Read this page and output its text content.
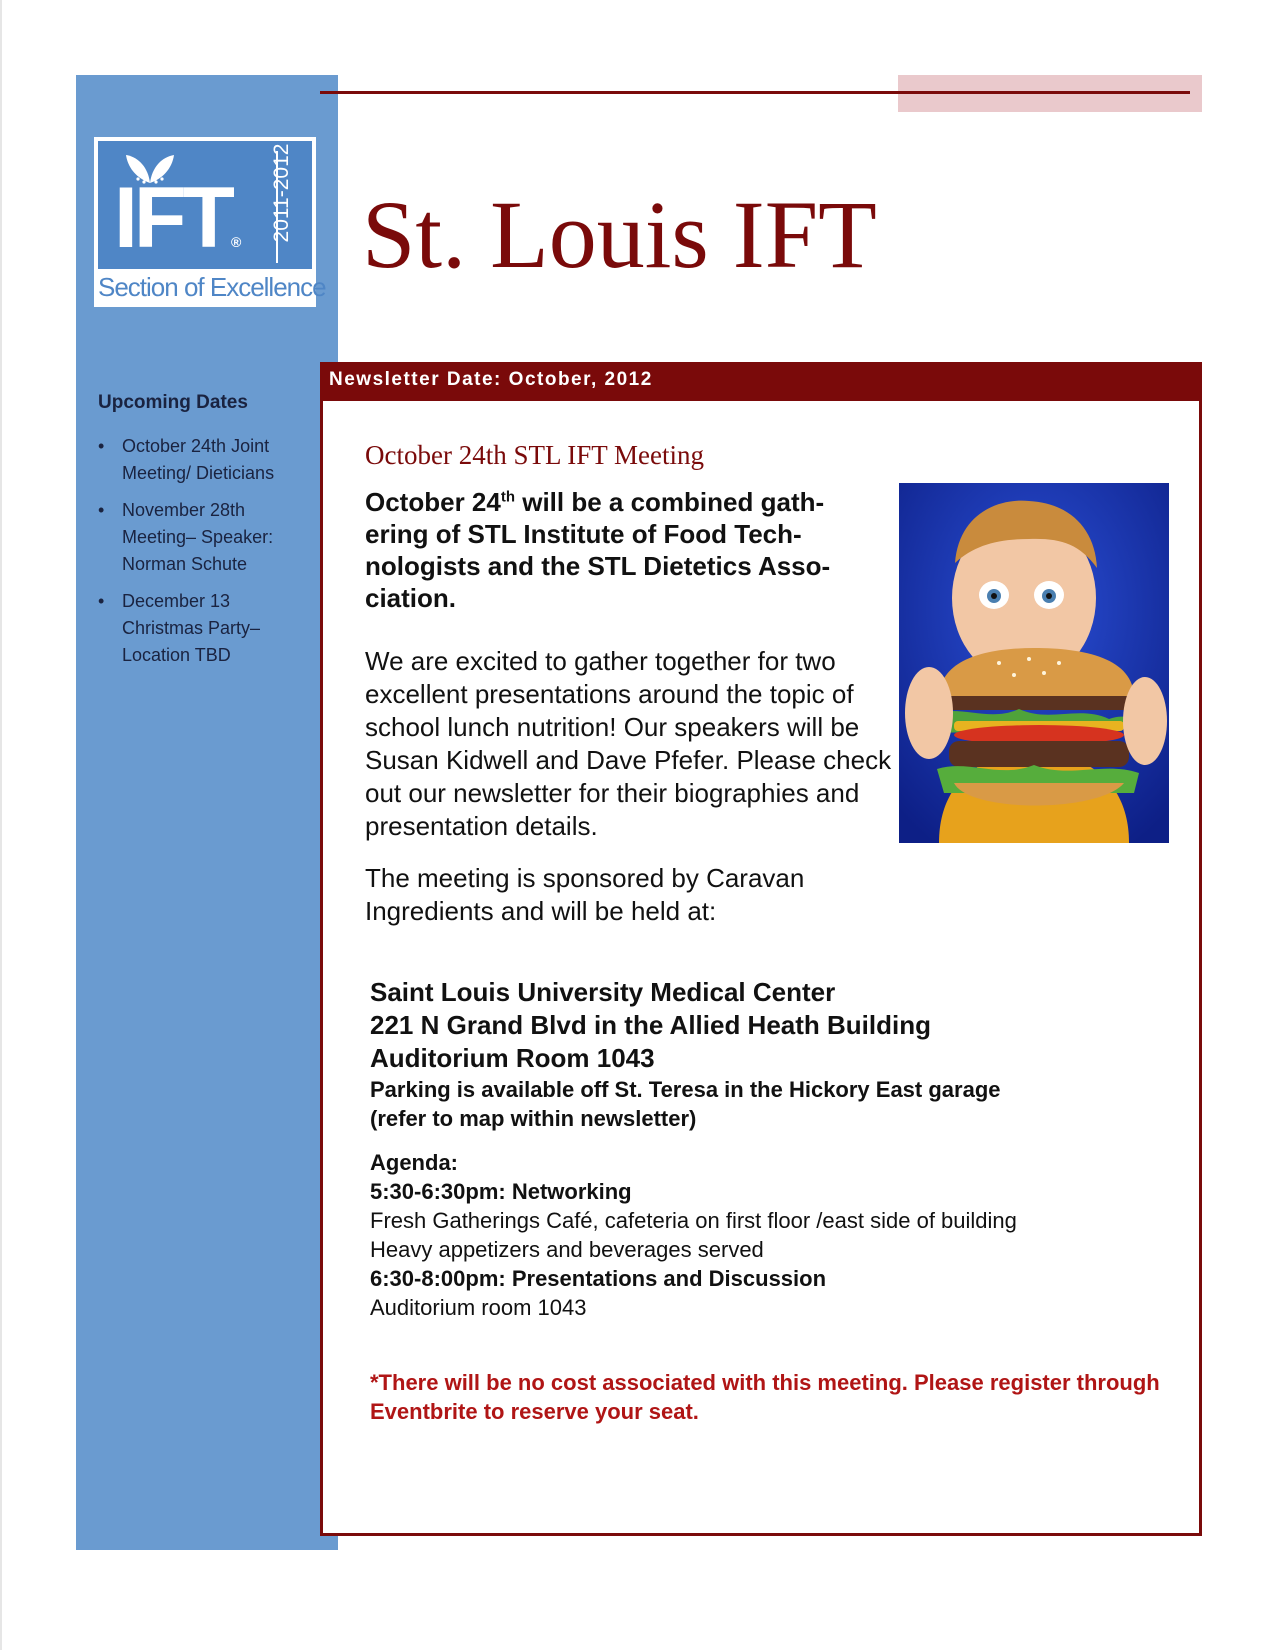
IFT® 2011-2012
Section of Excellence
Upcoming Dates
• October 24th Joint
Meeting/ Dieticians
• November 28th
Meeting– Speaker:
Norman Schute
• December 13
Christmas Party–
Location TBD
St. Louis IFT
Newsletter Date: October, 2012
October 24th STL IFT Meeting
October 24th will be a combined gath-ering of STL Institute of Food Tech-nologists and the STL Dietetics Asso-ciation.
We are excited to gather together for two excellent presentations around the topic of school lunch nutrition! Our speakers will be Susan Kidwell and Dave Pfefer. Please check out our newsletter for their biographies and presentation details.
The meeting is sponsored by Caravan Ingredients and will be held at:
Saint Louis University Medical Center
221 N Grand Blvd in the Allied Heath Building
Auditorium Room 1043
Parking is available off St. Teresa in the Hickory East garage
(refer to map within newsletter)
Agenda:
5:30-6:30pm: Networking
Fresh Gatherings Café, cafeteria on first floor /east side of building
Heavy appetizers and beverages served
6:30-8:00pm: Presentations and Discussion
Auditorium room 1043
*There will be no cost associated with this meeting. Please register through Eventbrite to reserve your seat.
